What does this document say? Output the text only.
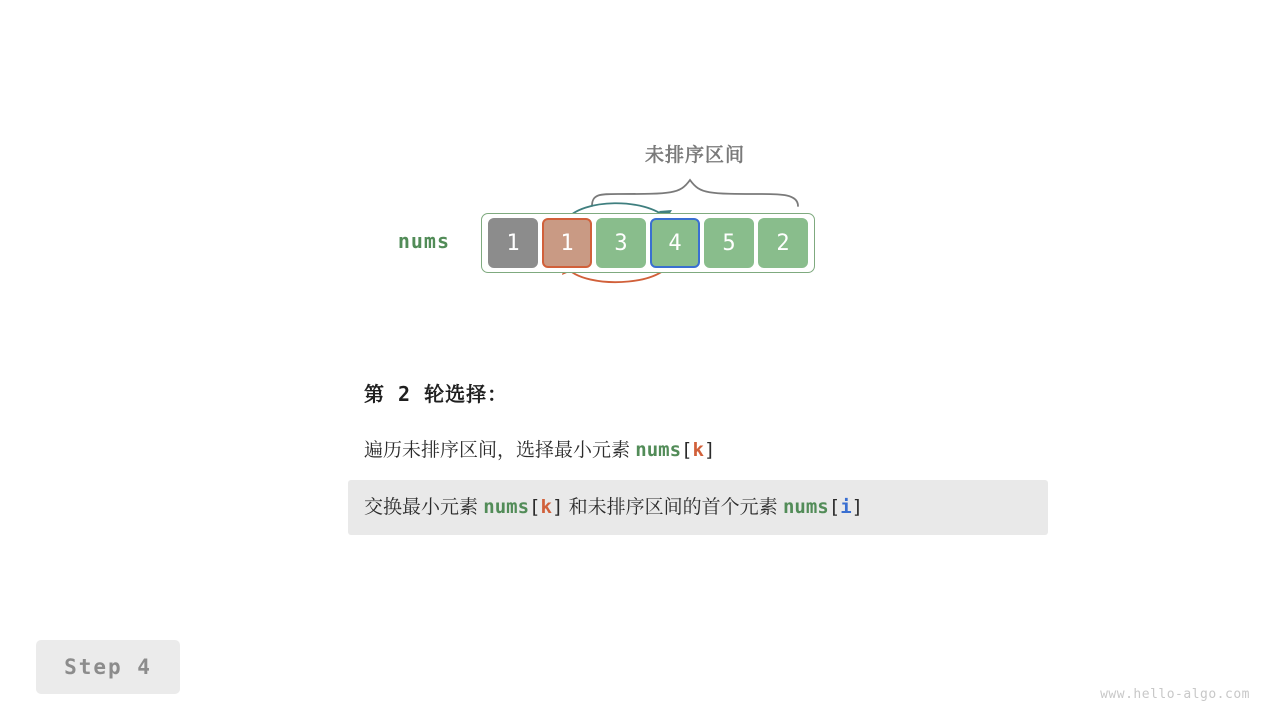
未排序区间
nums	1	1	3	4	5	2
第 2 轮选择：
遍历未排序区间，选择最小元素 nums[k]
交换最小元素 nums[k] 和未排序区间的首个元素 nums[i]
Step 4
www.hello-algo.com
